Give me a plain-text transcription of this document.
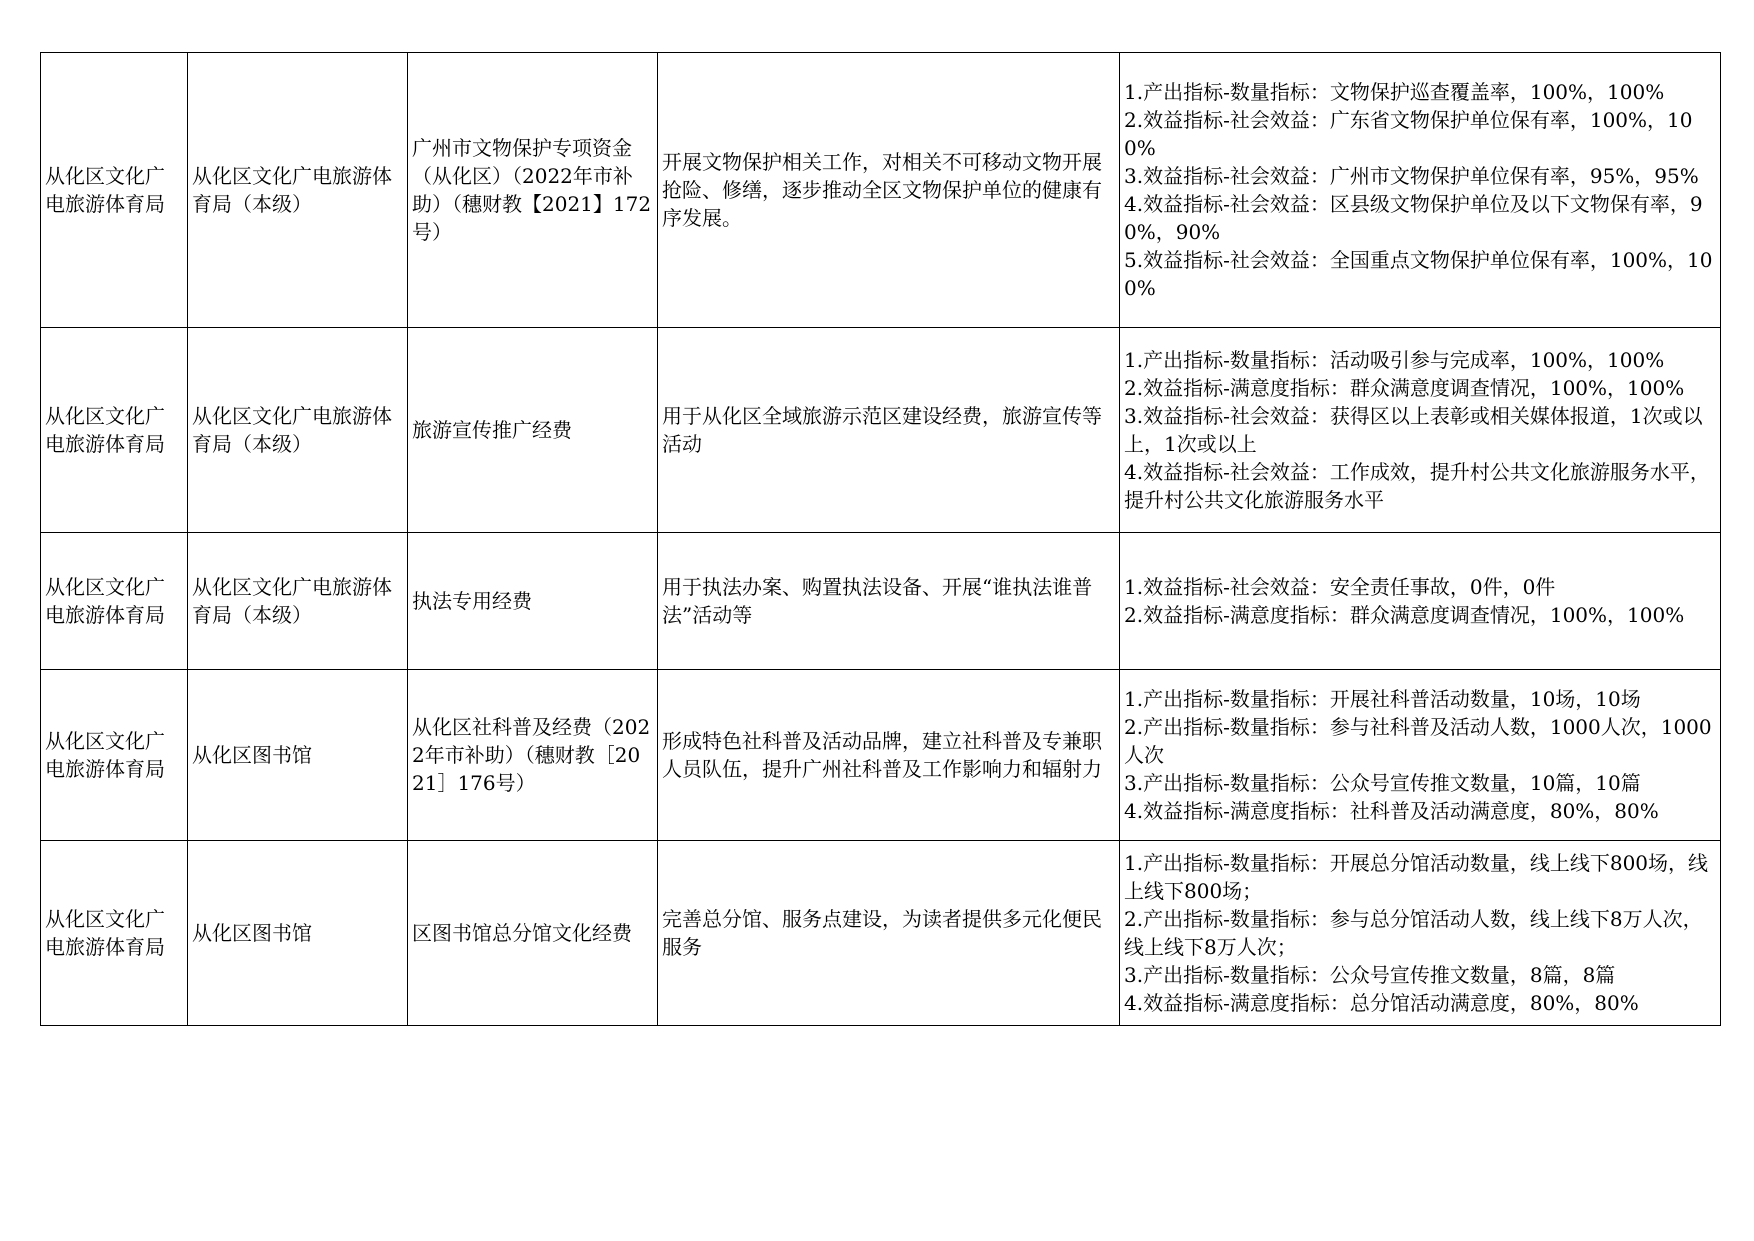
从化区文化广电旅游体育局	从化区文化广电旅游体育局（本级）	广州市文物保护专项资金（从化区）（2022年市补助）（穗财教【2021】172号）	开展文物保护相关工作，对相关不可移动文物开展抢险、修缮，逐步推动全区文物保护单位的健康有序发展。	1.产出指标-数量指标：文物保护巡查覆盖率，100%，100%
2.效益指标-社会效益：广东省文物保护单位保有率，100%，100%
3.效益指标-社会效益：广州市文物保护单位保有率，95%，95%
4.效益指标-社会效益：区县级文物保护单位及以下文物保有率，90%，90%
5.效益指标-社会效益：全国重点文物保护单位保有率，100%，100%

从化区文化广电旅游体育局	从化区文化广电旅游体育局（本级）	旅游宣传推广经费	用于从化区全域旅游示范区建设经费，旅游宣传等活动	1.产出指标-数量指标：活动吸引参与完成率，100%，100%
2.效益指标-满意度指标：群众满意度调查情况，100%，100%
3.效益指标-社会效益：获得区以上表彰或相关媒体报道，1次或以上，1次或以上
4.效益指标-社会效益：工作成效，提升村公共文化旅游服务水平，提升村公共文化旅游服务水平

从化区文化广电旅游体育局	从化区文化广电旅游体育局（本级）	执法专用经费	用于执法办案、购置执法设备、开展“谁执法谁普法”活动等	1.效益指标-社会效益：安全责任事故，0件，0件
2.效益指标-满意度指标：群众满意度调查情况，100%，100%

从化区文化广电旅游体育局	从化区图书馆	从化区社科普及经费（2022年市补助）（穗财教［2021］176号）	形成特色社科普及活动品牌，建立社科普及专兼职人员队伍，提升广州社科普及工作影响力和辐射力	1.产出指标-数量指标：开展社科普活动数量，10场，10场
2.产出指标-数量指标：参与社科普及活动人数，1000人次，1000人次
3.产出指标-数量指标：公众号宣传推文数量，10篇，10篇
4.效益指标-满意度指标：社科普及活动满意度，80%，80%

从化区文化广电旅游体育局	从化区图书馆	区图书馆总分馆文化经费	完善总分馆、服务点建设，为读者提供多元化便民服务	1.产出指标-数量指标：开展总分馆活动数量，线上线下800场，线上线下800场；
2.产出指标-数量指标：参与总分馆活动人数，线上线下8万人次，线上线下8万人次；
3.产出指标-数量指标：公众号宣传推文数量，8篇，8篇
4.效益指标-满意度指标：总分馆活动满意度，80%，80%
